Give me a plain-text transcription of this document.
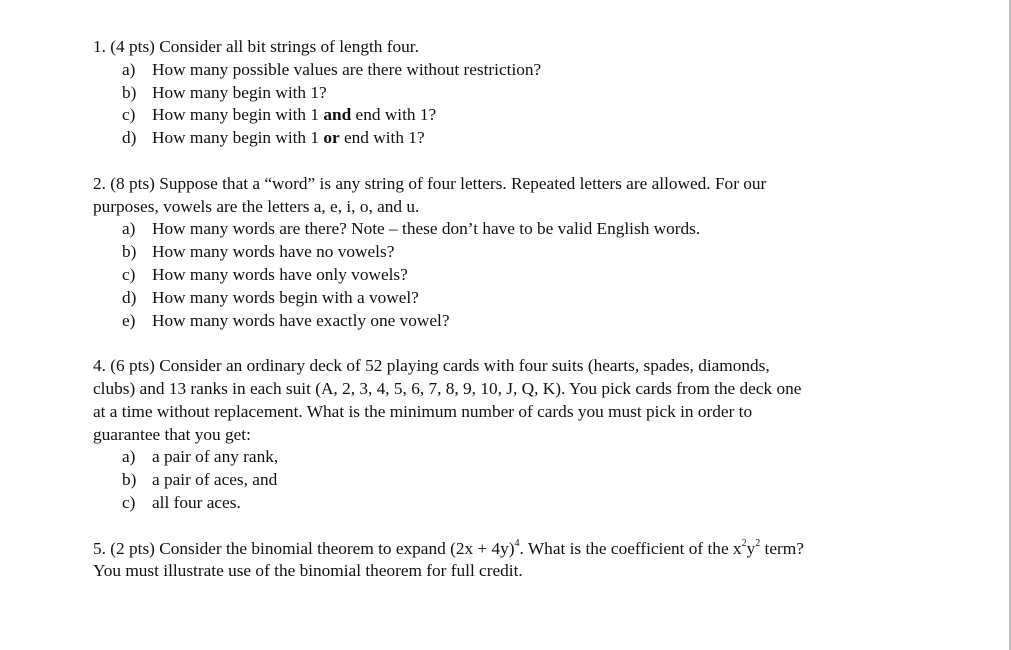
1. (4 pts) Consider all bit strings of length four.
a) How many possible values are there without restriction?
b) How many begin with 1?
c) How many begin with 1 and end with 1?
d) How many begin with 1 or end with 1?
2. (8 pts) Suppose that a “word” is any string of four letters. Repeated letters are allowed. For our
purposes, vowels are the letters a, e, i, o, and u.
a) How many words are there? Note – these don’t have to be valid English words.
b) How many words have no vowels?
c) How many words have only vowels?
d) How many words begin with a vowel?
e) How many words have exactly one vowel?
4. (6 pts) Consider an ordinary deck of 52 playing cards with four suits (hearts, spades, diamonds,
clubs) and 13 ranks in each suit (A, 2, 3, 4, 5, 6, 7, 8, 9, 10, J, Q, K). You pick cards from the deck one
at a time without replacement. What is the minimum number of cards you must pick in order to
guarantee that you get:
a) a pair of any rank,
b) a pair of aces, and
c) all four aces.
5. (2 pts) Consider the binomial theorem to expand $(2x + 4y)^4$. What is the coefficient of the $x^2y^2$ term?
You must illustrate use of the binomial theorem for full credit.
